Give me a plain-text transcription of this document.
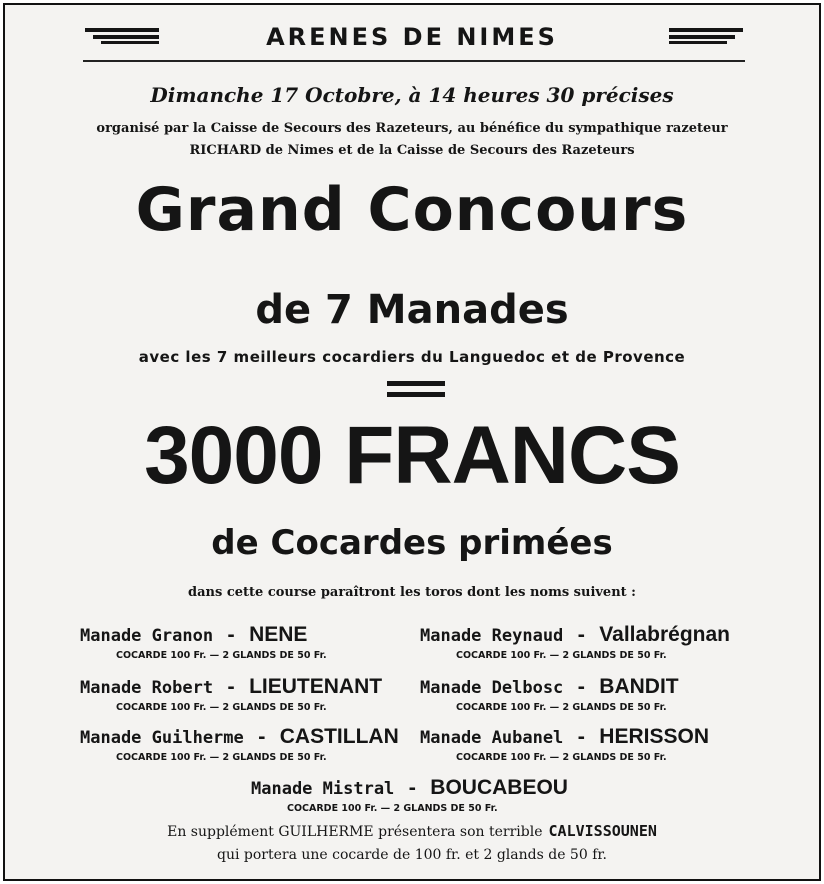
ARENES DE NIMES
Dimanche 17 Octobre, à 14 heures 30 précises
organisé par la Caisse de Secours des Razeteurs, au bénéfice du sympathique razeteur
RICHARD de Nimes et de la Caisse de Secours des Razeteurs
Grand Concours
de 7 Manades
avec les 7 meilleurs cocardiers du Languedoc et de Provence
3000 FRANCS
de Cocardes primées
dans cette course paraîtront les toros dont les noms suivent :
Manade Granon - NENE
COCARDE 100 Fr. — 2 GLANDS DE 50 Fr.
Manade Reynaud - Vallabrégnan
COCARDE 100 Fr. — 2 GLANDS DE 50 Fr.
Manade Robert - LIEUTENANT
COCARDE 100 Fr. — 2 GLANDS DE 50 Fr.
Manade Delbosc - BANDIT
COCARDE 100 Fr. — 2 GLANDS DE 50 Fr.
Manade Guilherme - CASTILLAN
COCARDE 100 Fr. — 2 GLANDS DE 50 Fr.
Manade Aubanel - HERISSON
COCARDE 100 Fr. — 2 GLANDS DE 50 Fr.
Manade Mistral - BOUCABEOU
COCARDE 100 Fr. — 2 GLANDS DE 50 Fr.
En supplément GUILHERME présentera son terrible CALVISSOUNEN
qui portera une cocarde de 100 fr. et 2 glands de 50 fr.
